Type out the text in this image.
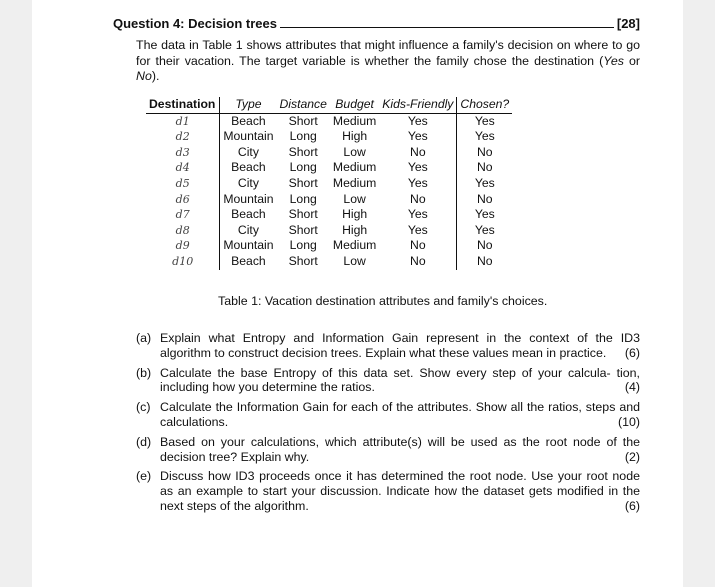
Question 4: Decision trees	[28]

The data in Table 1 shows attributes that might influence a family's decision on where to go for their vacation. The target variable is whether the family chose the destination (Yes or No).

Destination	Type	Distance	Budget	Kids-Friendly	Chosen?
d1	Beach	Short	Medium	Yes	Yes
d2	Mountain	Long	High	Yes	Yes
d3	City	Short	Low	No	No
d4	Beach	Long	Medium	Yes	No
d5	City	Short	Medium	Yes	Yes
d6	Mountain	Long	Low	No	No
d7	Beach	Short	High	Yes	Yes
d8	City	Short	High	Yes	Yes
d9	Mountain	Long	Medium	No	No
d10	Beach	Short	Low	No	No

Table 1: Vacation destination attributes and family's choices.

(a) Explain what Entropy and Information Gain represent in the context of the ID3 algorithm to construct decision trees. Explain what these values mean in practice. (6)
(b) Calculate the base Entropy of this data set. Show every step of your calcula- tion, including how you determine the ratios.	(4)
(c) Calculate the Information Gain for each of the attributes. Show all the ratios, steps and calculations.	(10)
(d) Based on your calculations, which attribute(s) will be used as the root node of the decision tree? Explain why.	(2)
(e) Discuss how ID3 proceeds once it has determined the root node. Use your root node as an example to start your discussion. Indicate how the dataset gets modified in the next steps of the algorithm.	(6)
